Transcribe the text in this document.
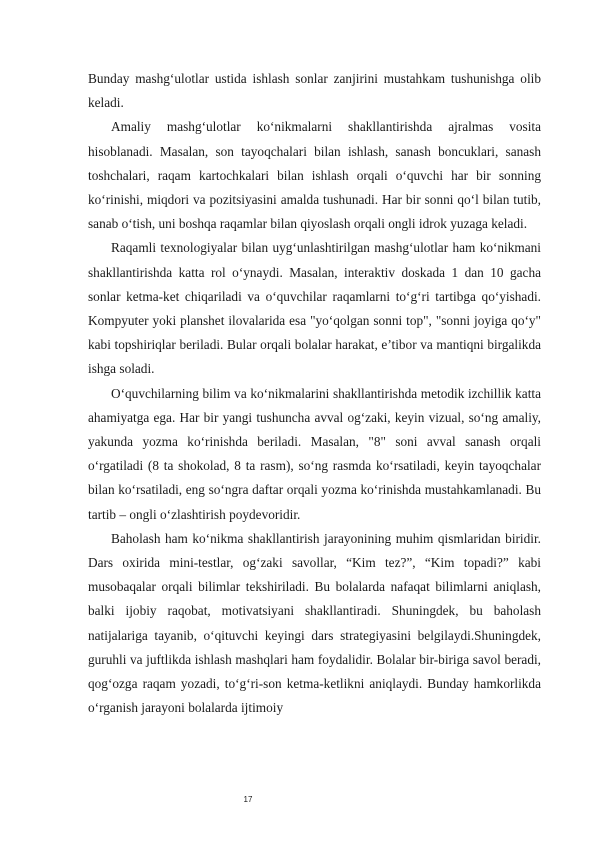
Bunday mashg‘ulotlar ustida ishlash sonlar zanjirini mustahkam tushunishga olib keladi.

Amaliy mashg‘ulotlar ko‘nikmalarni shakllantirishda ajralmas vosita hisoblanadi. Masalan, son tayoqchalari bilan ishlash, sanash boncuklari, sanash toshchalari, raqam kartochkalari bilan ishlash orqali o‘quvchi har bir sonning ko‘rinishi, miqdori va pozitsiyasini amalda tushunadi. Har bir sonni qo‘l bilan tutib, sanab o‘tish, uni boshqa raqamlar bilan qiyoslash orqali ongli idrok yuzaga keladi.

Raqamli texnologiyalar bilan uyg‘unlashtirilgan mashg‘ulotlar ham ko‘nikmani shakllantirishda katta rol o‘ynaydi. Masalan, interaktiv doskada 1 dan 10 gacha sonlar ketma-ket chiqariladi va o‘quvchilar raqamlarni to‘g‘ri tartibga qo‘yishadi. Kompyuter yoki planshet ilovalarida esa "yo‘qolgan sonni top", "sonni joyiga qo‘y" kabi topshiriqlar beriladi. Bular orqali bolalar harakat, e’tibor va mantiqni birgalikda ishga soladi.

O‘quvchilarning bilim va ko‘nikmalarini shakllantirishda metodik izchillik katta ahamiyatga ega. Har bir yangi tushuncha avval og‘zaki, keyin vizual, so‘ng amaliy, yakunda yozma ko‘rinishda beriladi. Masalan, "8" soni avval sanash orqali o‘rgatiladi (8 ta shokolad, 8 ta rasm), so‘ng rasmda ko‘rsatiladi, keyin tayoqchalar bilan ko‘rsatiladi, eng so‘ngra daftar orqali yozma ko‘rinishda mustahkamlanadi. Bu tartib – ongli o‘zlashtirish poydevoridir.

Baholash ham ko‘nikma shakllantirish jarayonining muhim qismlaridan biridir. Dars oxirida mini-testlar, og‘zaki savollar, “Kim tez?”, “Kim topadi?” kabi musobaqalar orqali bilimlar tekshiriladi. Bu bolalarda nafaqat bilimlarni aniqlash, balki ijobiy raqobat, motivatsiyani shakllantiradi. Shuningdek, bu baholash natijalariga tayanib, o‘qituvchi keyingi dars strategiyasini belgilaydi.Shuningdek, guruhli va juftlikda ishlash mashqlari ham foydalidir. Bolalar bir-biriga savol beradi, qog‘ozga raqam yozadi, to‘g‘ri-son ketma-ketlikni aniqlaydi. Bunday hamkorlikda o‘rganish jarayoni bolalarda ijtimoiy

17
